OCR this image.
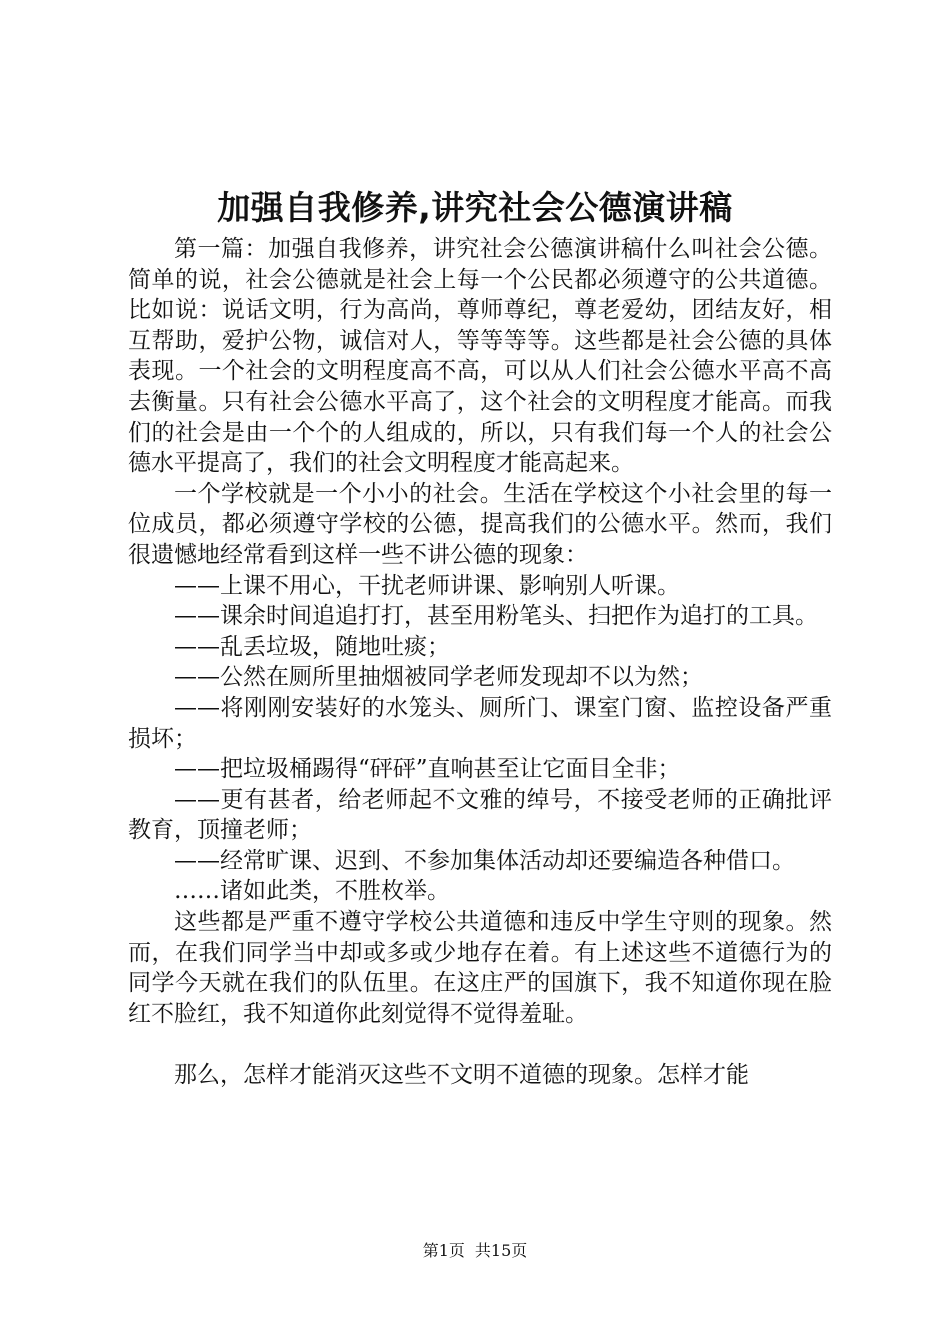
加强自我修养,讲究社会公德演讲稿

第一篇：加强自我修养，讲究社会公德演讲稿什么叫社会公德。简单的说，社会公德就是社会上每一个公民都必须遵守的公共道德。比如说：说话文明，行为高尚，尊师尊纪，尊老爱幼，团结友好，相互帮助，爱护公物，诚信对人，等等等等。这些都是社会公德的具体表现。一个社会的文明程度高不高，可以从人们社会公德水平高不高去衡量。只有社会公德水平高了，这个社会的文明程度才能高。而我们的社会是由一个个的人组成的，所以，只有我们每一个人的社会公德水平提高了，我们的社会文明程度才能高起来。

一个学校就是一个小小的社会。生活在学校这个小社会里的每一位成员，都必须遵守学校的公德，提高我们的公德水平。然而，我们很遗憾地经常看到这样一些不讲公德的现象：

——上课不用心，干扰老师讲课、影响别人听课。

——课余时间追追打打，甚至用粉笔头、扫把作为追打的工具。

——乱丢垃圾，随地吐痰；

——公然在厕所里抽烟被同学老师发现却不以为然；

——将刚刚安装好的水笼头、厕所门、课室门窗、监控设备严重损坏；

——把垃圾桶踢得“砰砰”直响甚至让它面目全非；

——更有甚者，给老师起不文雅的绰号，不接受老师的正确批评教育，顶撞老师；

——经常旷课、迟到、不参加集体活动却还要编造各种借口。

……诸如此类，不胜枚举。

这些都是严重不遵守学校公共道德和违反中学生守则的现象。然而，在我们同学当中却或多或少地存在着。有上述这些不道德行为的同学今天就在我们的队伍里。在这庄严的国旗下，我不知道你现在脸红不脸红，我不知道你此刻觉得不觉得羞耻。

那么，怎样才能消灭这些不文明不道德的现象。怎样才能

第1页 共15页
